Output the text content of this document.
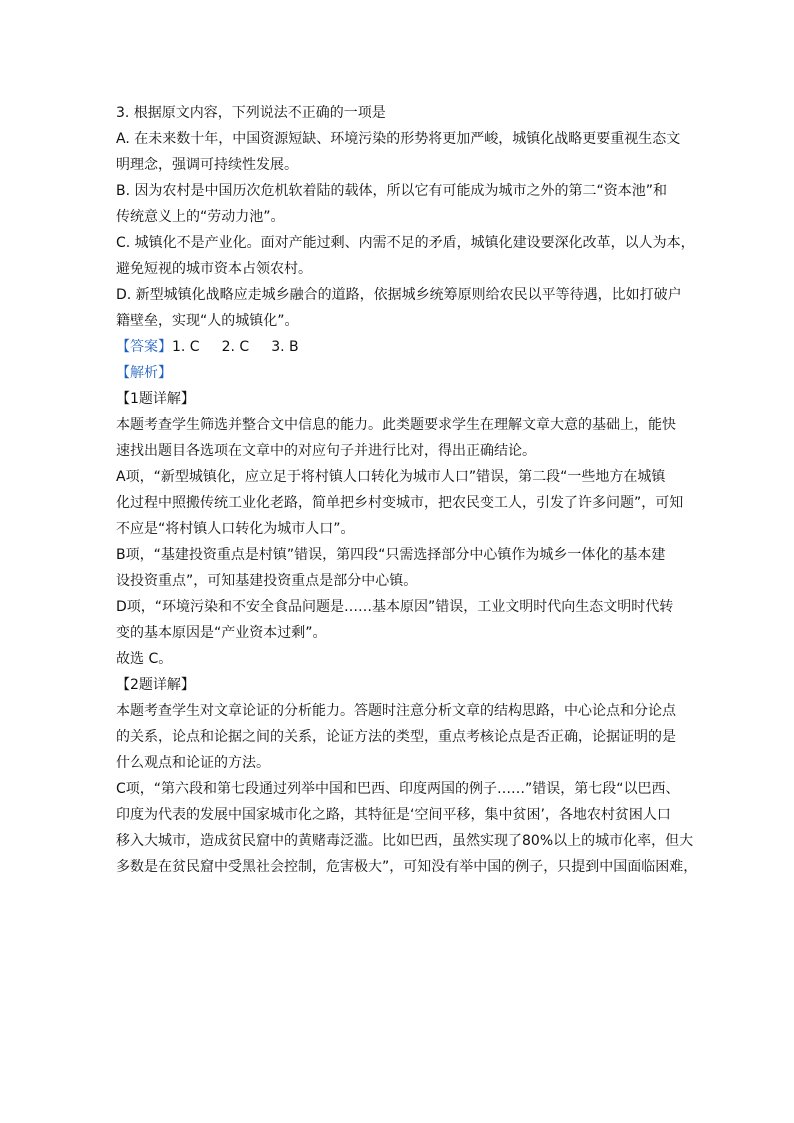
3. 根据原文内容，下列说法不正确的一项是
A. 在未来数十年，中国资源短缺、环境污染的形势将更加严峻，城镇化战略更要重视生态文
明理念，强调可持续性发展。
B. 因为农村是中国历次危机软着陆的载体，所以它有可能成为城市之外的第二“资本池”和
传统意义上的“劳动力池”。
C. 城镇化不是产业化。面对产能过剩、内需不足的矛盾，城镇化建设要深化改革，以人为本，
避免短视的城市资本占领农村。
D. 新型城镇化战略应走城乡融合的道路，依据城乡统筹原则给农民以平等待遇，比如打破户
籍壁垒，实现“人的城镇化”。
【答案】1. C 2. C 3. B
【解析】
【1题详解】
本题考查学生筛选并整合文中信息的能力。此类题要求学生在理解文章大意的基础上，能快
速找出题目各选项在文章中的对应句子并进行比对，得出正确结论。
A项，“新型城镇化，应立足于将村镇人口转化为城市人口”错误，第二段“一些地方在城镇
化过程中照搬传统工业化老路，简单把乡村变城市，把农民变工人，引发了许多问题”，可知
不应是“将村镇人口转化为城市人口”。
B项，“基建投资重点是村镇”错误，第四段“只需选择部分中心镇作为城乡一体化的基本建
设投资重点”，可知基建投资重点是部分中心镇。
D项，“环境污染和不安全食品问题是……基本原因”错误，工业文明时代向生态文明时代转
变的基本原因是“产业资本过剩”。
故选 C。
【2题详解】
本题考查学生对文章论证的分析能力。答题时注意分析文章的结构思路，中心论点和分论点
的关系，论点和论据之间的关系，论证方法的类型，重点考核论点是否正确，论据证明的是
什么观点和论证的方法。
C项，“第六段和第七段通过列举中国和巴西、印度两国的例子……”错误，第七段“以巴西、
印度为代表的发展中国家城市化之路，其特征是‘空间平移，集中贫困’，各地农村贫困人口
移入大城市，造成贫民窟中的黄赌毒泛滥。比如巴西，虽然实现了80%以上的城市化率，但大
多数是在贫民窟中受黑社会控制，危害极大”，可知没有举中国的例子，只提到中国面临困难，
